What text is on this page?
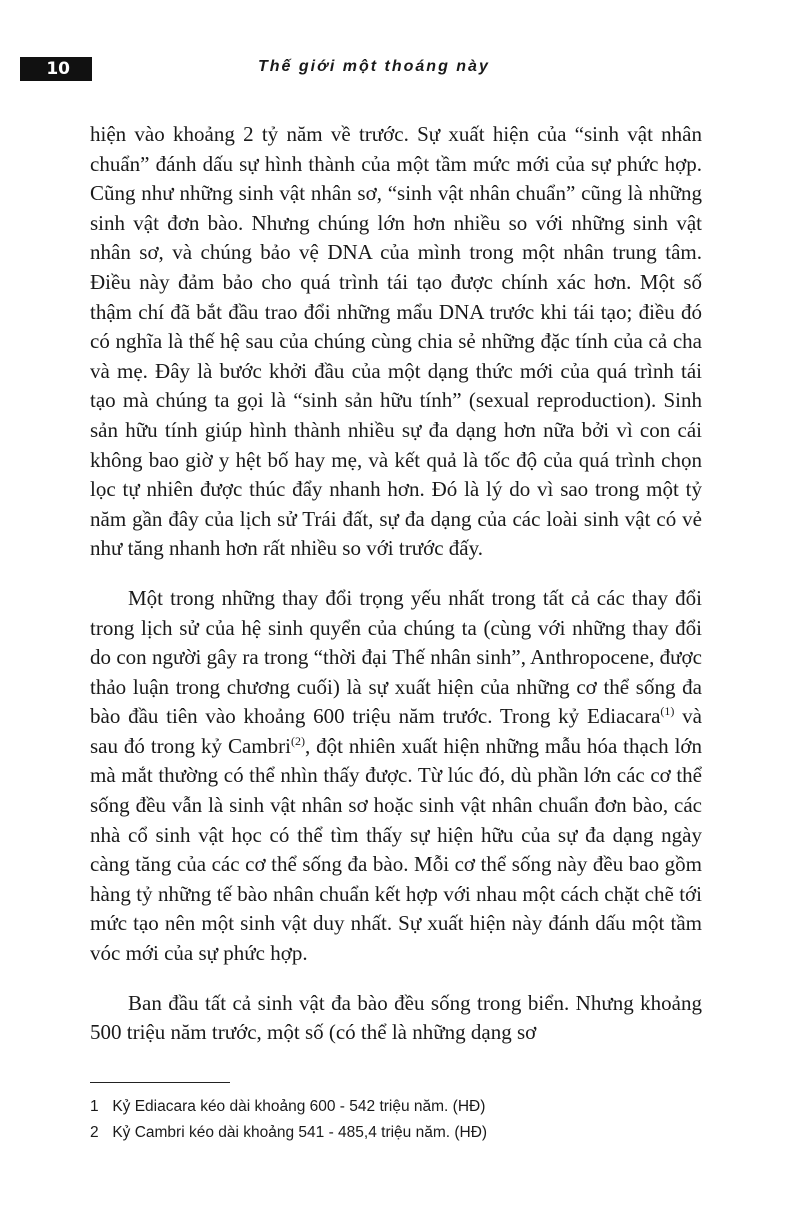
10	Thế giới một thoáng này

hiện vào khoảng 2 tỷ năm về trước. Sự xuất hiện của “sinh vật nhân chuẩn” đánh dấu sự hình thành của một tầm mức mới của sự phức hợp. Cũng như những sinh vật nhân sơ, “sinh vật nhân chuẩn” cũng là những sinh vật đơn bào. Nhưng chúng lớn hơn nhiều so với những sinh vật nhân sơ, và chúng bảo vệ DNA của mình trong một nhân trung tâm. Điều này đảm bảo cho quá trình tái tạo được chính xác hơn. Một số thậm chí đã bắt đầu trao đổi những mẩu DNA trước khi tái tạo; điều đó có nghĩa là thế hệ sau của chúng cùng chia sẻ những đặc tính của cả cha và mẹ. Đây là bước khởi đầu của một dạng thức mới của quá trình tái tạo mà chúng ta gọi là “sinh sản hữu tính” (sexual reproduction). Sinh sản hữu tính giúp hình thành nhiều sự đa dạng hơn nữa bởi vì con cái không bao giờ y hệt bố hay mẹ, và kết quả là tốc độ của quá trình chọn lọc tự nhiên được thúc đẩy nhanh hơn. Đó là lý do vì sao trong một tỷ năm gần đây của lịch sử Trái đất, sự đa dạng của các loài sinh vật có vẻ như tăng nhanh hơn rất nhiều so với trước đấy.

Một trong những thay đổi trọng yếu nhất trong tất cả các thay đổi trong lịch sử của hệ sinh quyển của chúng ta (cùng với những thay đổi do con người gây ra trong “thời đại Thế nhân sinh”, Anthropocene, được thảo luận trong chương cuối) là sự xuất hiện của những cơ thể sống đa bào đầu tiên vào khoảng 600 triệu năm trước. Trong kỷ Ediacara$^{(1)}$ và sau đó trong kỷ Cambri$^{(2)}$, đột nhiên xuất hiện những mẫu hóa thạch lớn mà mắt thường có thể nhìn thấy được. Từ lúc đó, dù phần lớn các cơ thể sống đều vẫn là sinh vật nhân sơ hoặc sinh vật nhân chuẩn đơn bào, các nhà cổ sinh vật học có thể tìm thấy sự hiện hữu của sự đa dạng ngày càng tăng của các cơ thể sống đa bào. Mỗi cơ thể sống này đều bao gồm hàng tỷ những tế bào nhân chuẩn kết hợp với nhau một cách chặt chẽ tới mức tạo nên một sinh vật duy nhất. Sự xuất hiện này đánh dấu một tầm vóc mới của sự phức hợp.

Ban đầu tất cả sinh vật đa bào đều sống trong biển. Nhưng khoảng 500 triệu năm trước, một số (có thể là những dạng sơ

1 Kỷ Ediacara kéo dài khoảng 600 - 542 triệu năm. (HĐ)
2 Kỷ Cambri kéo dài khoảng 541 - 485,4 triệu năm. (HĐ)
